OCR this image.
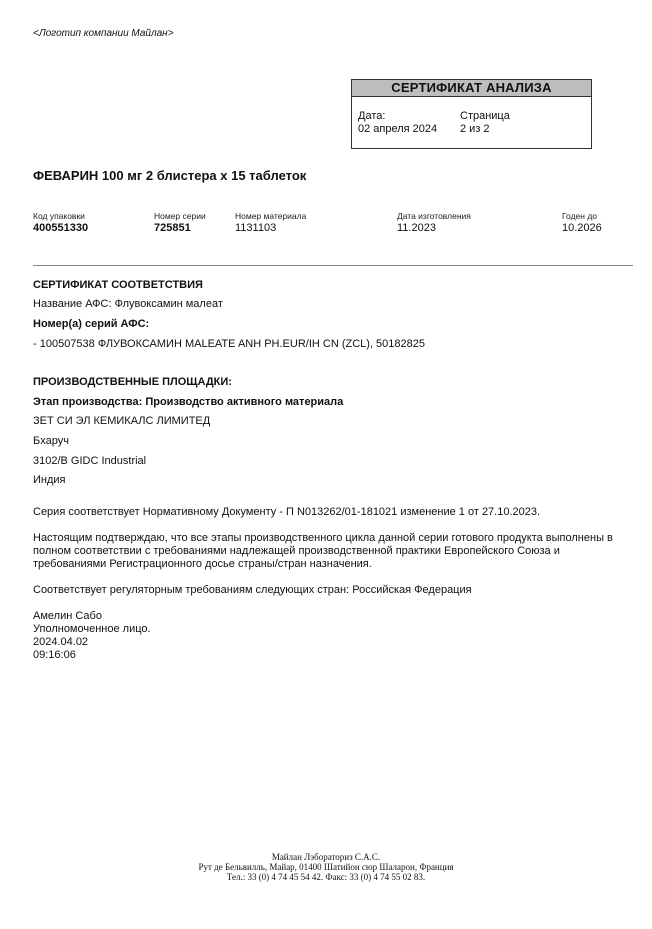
<Логотип компании Майлан>
СЕРТИФИКАТ АНАЛИЗА
Дата:
02 апреля 2024
Страница
2 из 2
ФЕВАРИН 100 мг 2 блистера х 15 таблеток
Код упаковки
400551330
Номер серии
725851
Номер материала
1131103
Дата изготовления
11.2023
Годен до
10.2026
СЕРТИФИКАТ СООТВЕТСТВИЯ
Название АФС: Флувоксамин малеат
Номер(а) серий АФС:
- 100507538 ФЛУВОКСАМИН MALEATE ANH PH.EUR/IH CN (ZCL), 50182825
ПРОИЗВОДСТВЕННЫЕ ПЛОЩАДКИ:
Этап производства: Производство активного материала
ЗЕТ СИ ЭЛ КЕМИКАЛС ЛИМИТЕД
Бхаруч
3102/B GIDC Industrial
Индия
Серия соответствует Нормативному Документу - П N013262/01-181021 изменение 1 от 27.10.2023.
Настоящим подтверждаю, что все этапы производственного цикла данной серии готового продукта выполнены в полном соответствии с требованиями надлежащей производственной практики Европейского Союза и требованиями Регистрационного досье страны/стран назначения.
Соответствует регуляторным требованиям следующих стран: Российская Федерация
Амелин Сабо
Уполномоченное лицо.
2024.04.02
09:16:06
Майлан Лэбораториз С.А.С.
Рут де Бельвилль, Майар, 01400 Шатийон сюр Шаларон, Франция
Тел.: 33 (0) 4 74 45 54 42. Факс: 33 (0) 4 74 55 02 83.
